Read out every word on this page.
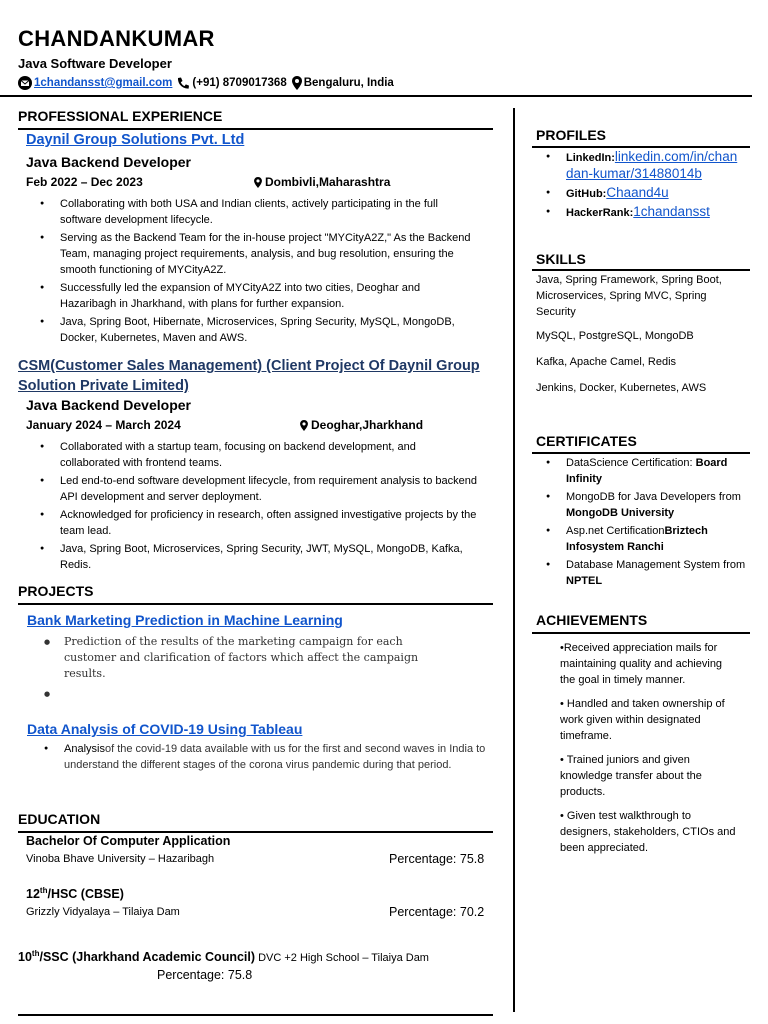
CHANDANKUMAR
Java Software Developer
1chandansst@gmail.com (+91) 8709017368 Bengaluru, India
PROFESSIONAL EXPERIENCE
Daynil Group Solutions Pvt. Ltd
Java Backend Developer
Feb 2022 – Dec 2023	Dombivli,Maharashtra
● Collaborating with both USA and Indian clients, actively participating in the full software development lifecycle.
● Serving as the Backend Team for the in-house project "MYCityA2Z," As the Backend Team, managing project requirements, analysis, and bug resolution, ensuring the smooth functioning of MYCityA2Z.
● Successfully led the expansion of MYCityA2Z into two cities, Deoghar and Hazaribagh in Jharkhand, with plans for further expansion.
● Java, Spring Boot, Hibernate, Microservices, Spring Security, MySQL, MongoDB, Docker, Kubernetes, Maven and AWS.
CSM(Customer Sales Management) (Client Project Of Daynil Group Solution Private Limited)
Java Backend Developer
January 2024 – March 2024	Deoghar,Jharkhand
● Collaborated with a startup team, focusing on backend development, and collaborated with frontend teams.
● Led end-to-end software development lifecycle, from requirement analysis to backend API development and server deployment.
● Acknowledged for proficiency in research, often assigned investigative projects by the team lead.
● Java, Spring Boot, Microservices, Spring Security, JWT, MySQL, MongoDB, Kafka, Redis.
PROJECTS
Bank Marketing Prediction in Machine Learning
● Prediction of the results of the marketing campaign for each customer and clarification of factors which affect the campaign results.
●
Data Analysis of COVID-19 Using Tableau
● Analysisof the covid-19 data available with us for the first and second waves in India to understand the different stages of the corona virus pandemic during that period.
EDUCATION
Bachelor Of Computer Application
Vinoba Bhave University – Hazaribagh	Percentage: 75.8
12th/HSC (CBSE)
Grizzly Vidyalaya – Tilaiya Dam	Percentage: 70.2
10th/SSC (Jharkhand Academic Council) DVC +2 High School – Tilaiya Dam
Percentage: 75.8
PROFILES
● LinkedIn:linkedin.com/in/chan
dan-kumar/31488014b
● GitHub:Chaand4u
● HackerRank:1chandansst
SKILLS

Java, Spring Framework, Spring Boot, Microservices, Spring MVC, Spring Security

MySQL, PostgreSQL, MongoDB

Kafka, Apache Camel, Redis

Jenkins, Docker, Kubernetes, AWS

CERTIFICATES
● DataScience Certification: Board Infinity
● MongoDB for Java Developers from MongoDB University
● Asp.net CertificationBriztech Infosystem Ranchi
● Database Management System from NPTEL
ACHIEVEMENTS

•Received appreciation mails for maintaining quality and achieving the goal in timely manner.

• Handled and taken ownership of work given within designated timeframe.

• Trained juniors and given knowledge transfer about the products.

• Given test walkthrough to designers, stakeholders, CTIOs and been appreciated.
